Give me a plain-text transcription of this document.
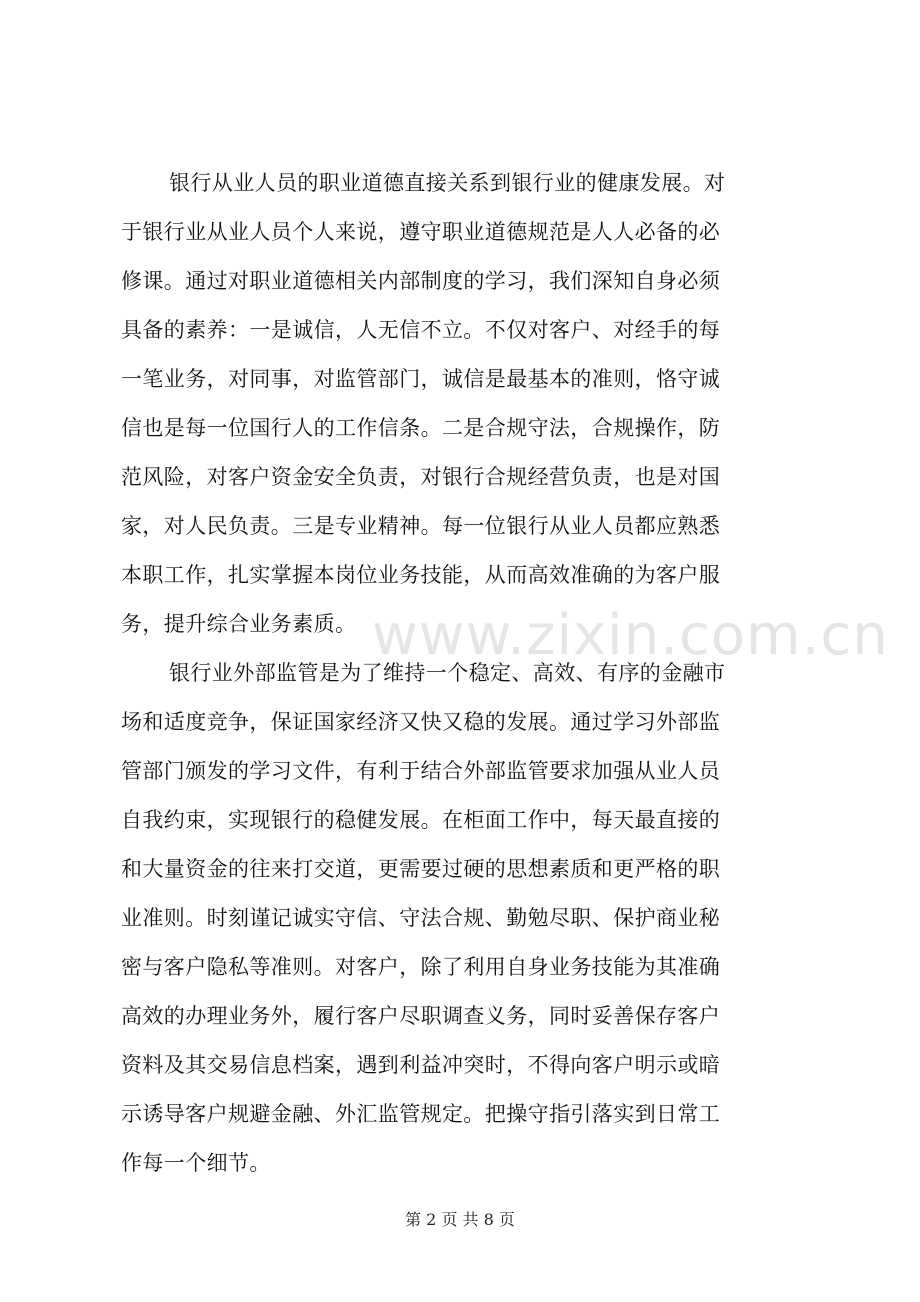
www.zixin.com.cn
银行从业人员的职业道德直接关系到银行业的健康发展。对
于银行业从业人员个人来说，遵守职业道德规范是人人必备的必
修课。通过对职业道德相关内部制度的学习，我们深知自身必须
具备的素养：一是诚信，人无信不立。不仅对客户、对经手的每
一笔业务，对同事，对监管部门，诚信是最基本的准则，恪守诚
信也是每一位国行人的工作信条。二是合规守法，合规操作，防
范风险，对客户资金安全负责，对银行合规经营负责，也是对国
家，对人民负责。三是专业精神。每一位银行从业人员都应熟悉
本职工作，扎实掌握本岗位业务技能，从而高效准确的为客户服
务，提升综合业务素质。
银行业外部监管是为了维持一个稳定、高效、有序的金融市
场和适度竞争，保证国家经济又快又稳的发展。通过学习外部监
管部门颁发的学习文件，有利于结合外部监管要求加强从业人员
自我约束，实现银行的稳健发展。在柜面工作中，每天最直接的
和大量资金的往来打交道，更需要过硬的思想素质和更严格的职
业准则。时刻谨记诚实守信、守法合规、勤勉尽职、保护商业秘
密与客户隐私等准则。对客户，除了利用自身业务技能为其准确
高效的办理业务外，履行客户尽职调查义务，同时妥善保存客户
资料及其交易信息档案，遇到利益冲突时，不得向客户明示或暗
示诱导客户规避金融、外汇监管规定。把操守指引落实到日常工
作每一个细节。
第 2 页 共 8 页
